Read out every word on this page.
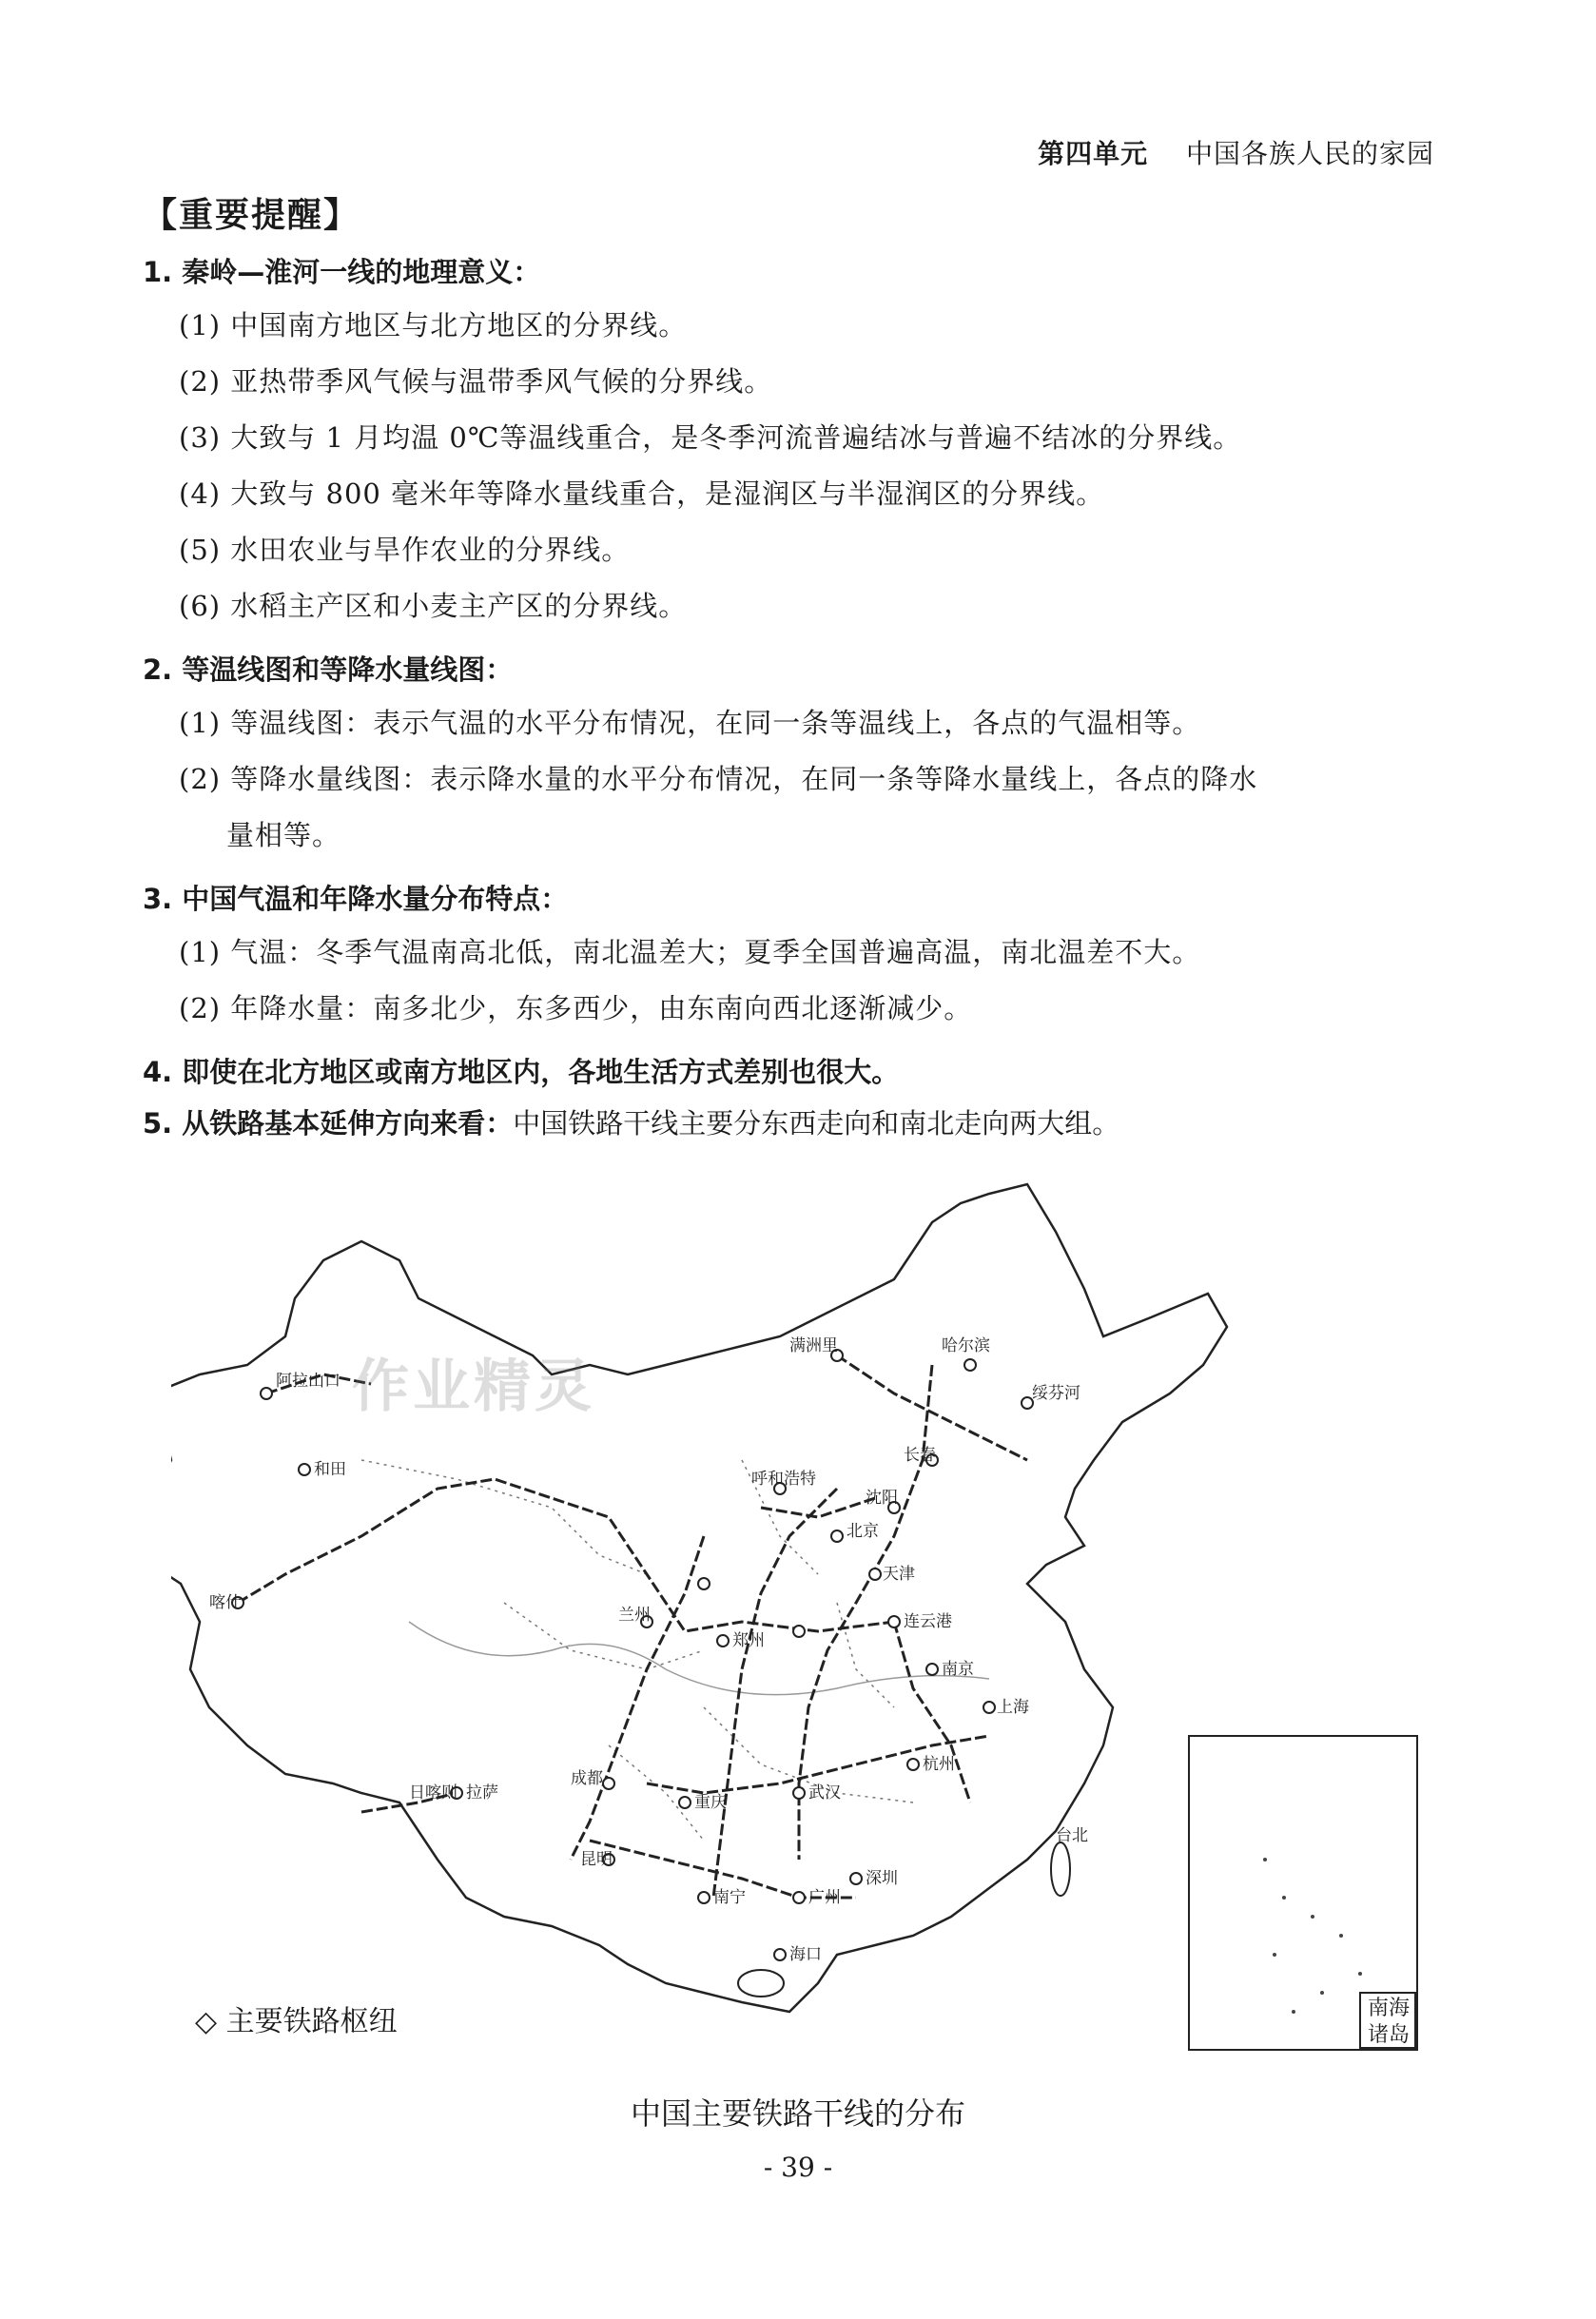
第四单元 中国各族人民的家园
【重要提醒】
1. 秦岭—淮河一线的地理意义：
(1) 中国南方地区与北方地区的分界线。
(2) 亚热带季风气候与温带季风气候的分界线。
(3) 大致与 1 月均温 0℃等温线重合，是冬季河流普遍结冰与普遍不结冰的分界线。
(4) 大致与 800 毫米年等降水量线重合，是湿润区与半湿润区的分界线。
(5) 水田农业与旱作农业的分界线。
(6) 水稻主产区和小麦主产区的分界线。
2. 等温线图和等降水量线图：
(1) 等温线图：表示气温的水平分布情况，在同一条等温线上，各点的气温相等。
(2) 等降水量线图：表示降水量的水平分布情况，在同一条等降水量线上，各点的降水
量相等。
3. 中国气温和年降水量分布特点：
(1) 气温：冬季气温南高北低，南北温差大；夏季全国普遍高温，南北温差不大。
(2) 年降水量：南多北少，东多西少，由东南向西北逐渐减少。
4. 即使在北方地区或南方地区内，各地生活方式差别也很大。
5. 从铁路基本延伸方向来看：中国铁路干线主要分东西走向和南北走向两大组。
阿拉山口
喀什
和田
满洲里	哈尔滨
绥芬河
长春
沈阳
呼和浩特
北京
天津
兰州
郑州
连云港
南京
上海
日喀则 拉萨
成都
重庆	武汉
杭州
昆明
南宁	广州
深圳
海口
台北
南海诸岛
作业精灵
◇ 主要铁路枢纽
中国主要铁路干线的分布
- 39 -
